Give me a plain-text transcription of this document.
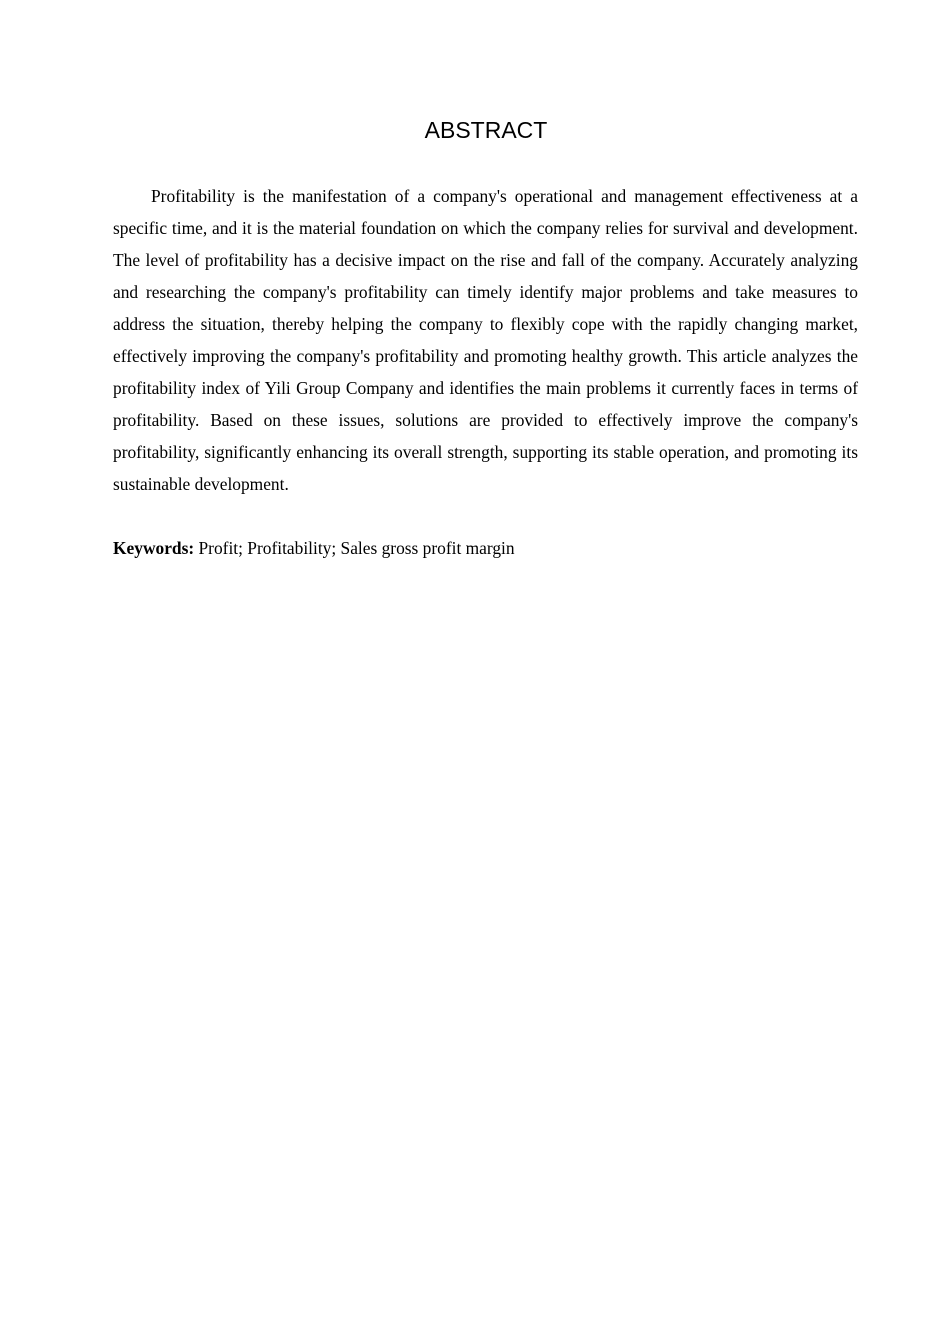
ABSTRACT

Profitability is the manifestation of a company's operational and management effectiveness at a specific time, and it is the material foundation on which the company relies for survival and development. The level of profitability has a decisive impact on the rise and fall of the company. Accurately analyzing and researching the company's profitability can timely identify major problems and take measures to address the situation, thereby helping the company to flexibly cope with the rapidly changing market, effectively improving the company's profitability and promoting healthy growth. This article analyzes the profitability index of Yili Group Company and identifies the main problems it currently faces in terms of profitability. Based on these issues, solutions are provided to effectively improve the company's profitability, significantly enhancing its overall strength, supporting its stable operation, and promoting its sustainable development.

Keywords: Profit; Profitability; Sales gross profit margin
